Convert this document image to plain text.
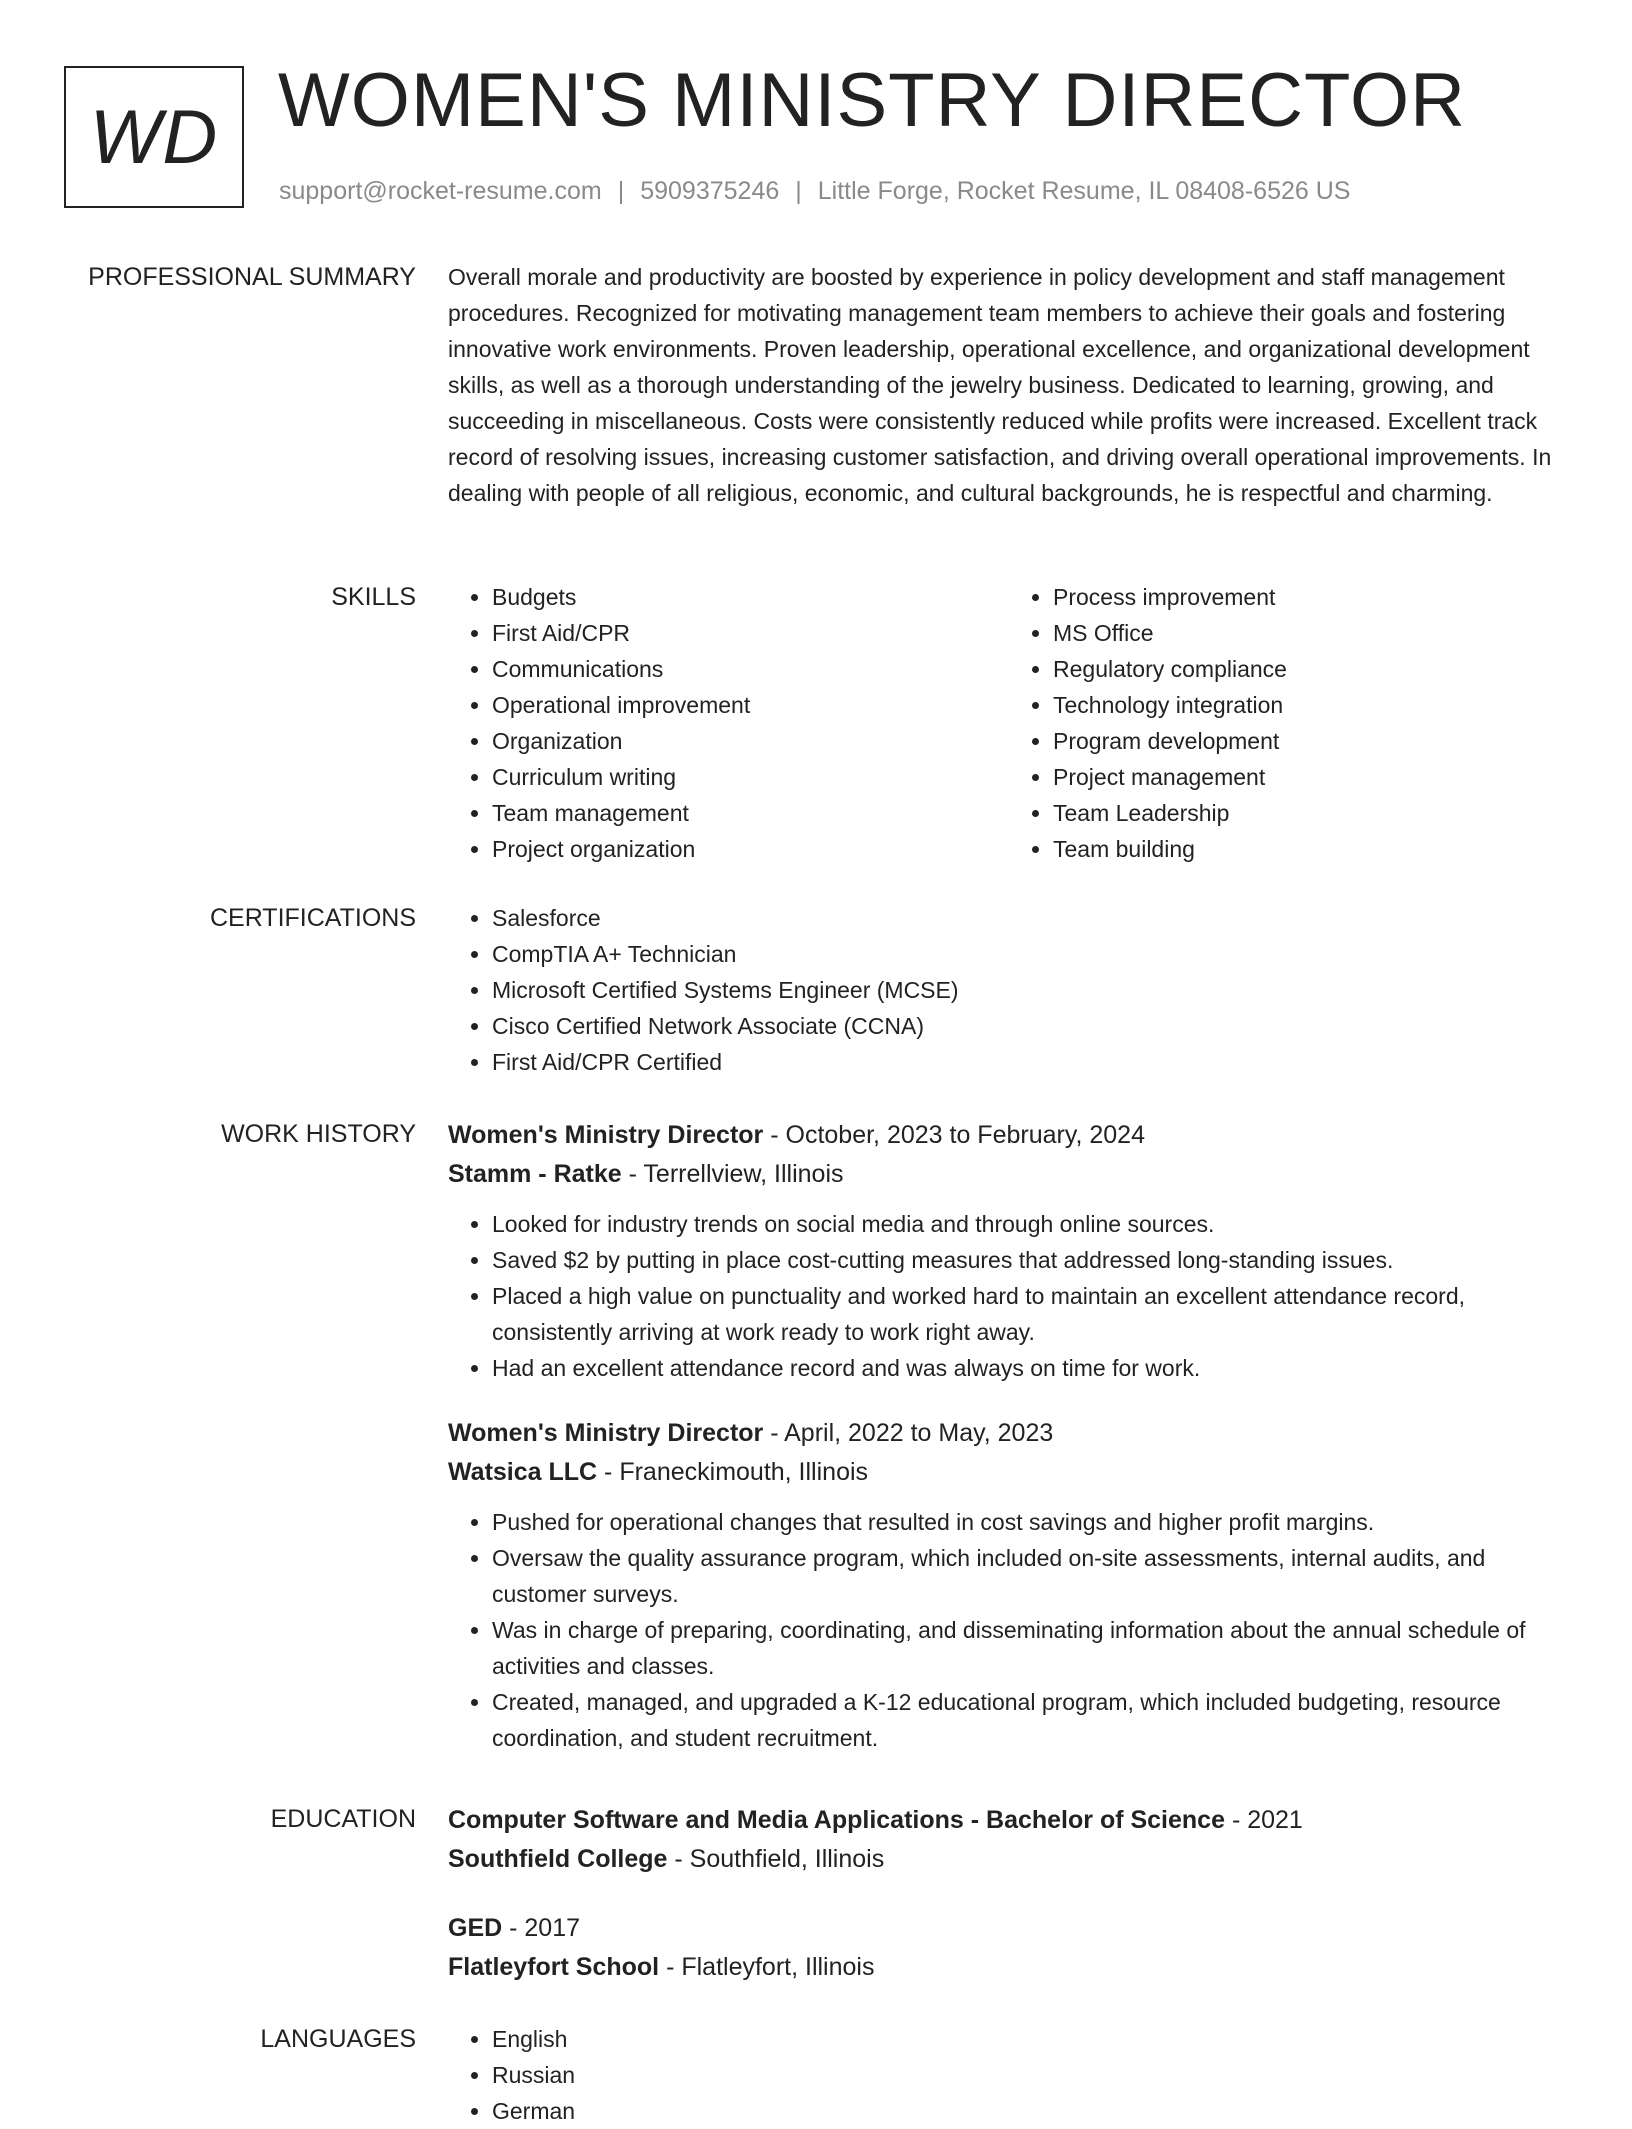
WD WOMEN'S MINISTRY DIRECTOR
support@rocket-resume.com | 5909375246 | Little Forge, Rocket Resume, IL 08408-6526 US
PROFESSIONAL SUMMARY Overall morale and productivity are boosted by experience in policy development and staff management procedures. Recognized for motivating management team members to achieve their goals and fostering innovative work environments. Proven leadership, operational excellence, and organizational development skills, as well as a thorough understanding of the jewelry business. Dedicated to learning, growing, and succeeding in miscellaneous. Costs were consistently reduced while profits were increased. Excellent track record of resolving issues, increasing customer satisfaction, and driving overall operational improvements. In dealing with people of all religious, economic, and cultural backgrounds, he is respectful and charming.

SKILLS	• Budgets
• First Aid/CPR
• Communications
• Operational improvement
• Organization
• Curriculum writing
• Team management
• Project organization
• Process improvement
• MS Office
• Regulatory compliance
• Technology integration
• Program development
• Project management
• Team Leadership
• Team building
CERTIFICATIONS	• Salesforce
• CompTIA A+ Technician
• Microsoft Certified Systems Engineer (MCSE)
• Cisco Certified Network Associate (CCNA)
• First Aid/CPR Certified
WORK HISTORY Women's Ministry Director - October, 2023 to February, 2024
Stamm - Ratke - Terrellview, Illinois
• Looked for industry trends on social media and through online sources.
• Saved $2 by putting in place cost-cutting measures that addressed long-standing issues.
• Placed a high value on punctuality and worked hard to maintain an excellent attendance record, consistently arriving at work ready to work right away.
• Had an excellent attendance record and was always on time for work.
Women's Ministry Director - April, 2022 to May, 2023
Watsica LLC - Franeckimouth, Illinois
• Pushed for operational changes that resulted in cost savings and higher profit margins.
• Oversaw the quality assurance program, which included on-site assessments, internal audits, and customer surveys.
• Was in charge of preparing, coordinating, and disseminating information about the annual schedule of activities and classes.
• Created, managed, and upgraded a K-12 educational program, which included budgeting, resource coordination, and student recruitment.
EDUCATION Computer Software and Media Applications - Bachelor of Science - 2021
Southfield College - Southfield, Illinois
GED - 2017
Flatleyfort School - Flatleyfort, Illinois
LANGUAGES	• English
• Russian
• German
